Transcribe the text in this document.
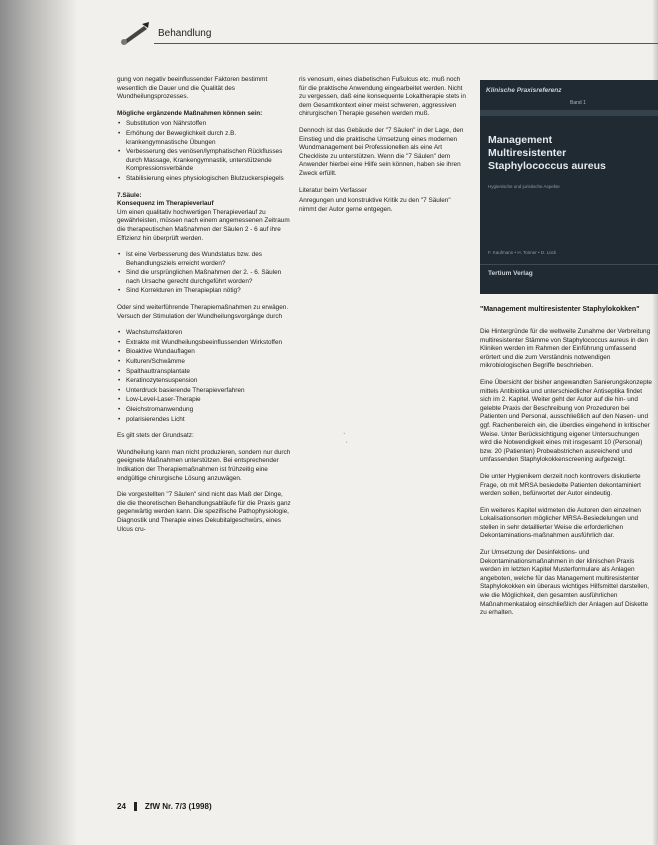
Behandlung

gung von negativ beeinflussender Faktoren bestimmt wesentlich die Dauer und die Qualität des Wundheilungsprozesses.

Mögliche ergänzende Maßnahmen können sein:
• Substitution von Nährstoffen
• Erhöhung der Beweglichkeit durch z.B. krankengymnastische Übungen
• Verbesserung des venösen/lymphatischen Rückflusses durch Massage, Krankengymnastik, unterstützende Kompressionsverbände
• Stabilisierung eines physiologischen Blutzuckerspiegels
7.Säule:
Konsequenz im Therapieverlauf

Um einen qualitativ hochwertigen Therapieverlauf zu gewährleisten, müssen nach einem angemessenen Zeitraum die therapeutischen Maßnahmen der Säulen 2 - 6 auf ihre Effizienz hin überprüft werden.

• Ist eine Verbesserung des Wundstatus bzw. des Behandlungsziels erreicht worden?
• Sind die ursprünglichen Maßnahmen der 2. - 6. Säulen nach Ursache gerecht durchgeführt worden?
• Sind Korrekturen im Therapieplan nötig?

Oder sind weiterführende Therapiemaßnahmen zu erwägen. Versuch der Stimulation der Wundheilungsvorgänge durch

• Wachstumsfaktoren
• Extrakte mit Wundheilungsbeeinflussenden Wirkstoffen
• Bioaktive Wundauflagen
• Kulturen/Schwämme
• Spalthauttransplantate
• Keratinozytensuspension
• Unterdruck basierende Therapieverfahren
• Low-Level-Laser-Therapie
• Gleichstromanwendung
• polarisierendes Licht

Es gilt stets der Grundsatz:

Wundheilung kann man nicht produzieren, sondern nur durch geeignete Maßnahmen unterstützen. Bei entsprechender Indikation der Therapiemaßnahmen ist frühzeitig eine endgültige chirurgische Lösung anzuwägen.

Die vorgestellten "7 Säulen" sind nicht das Maß der Dinge, die die theoretischen Behandlungsabläufe für die Praxis ganz gegenwärtig werden kann. Die spezifische Pathophysiologie, Diagnostik und Therapie eines Dekubitalgeschwürs, eines Ulcus cru-

ris venosum, eines diabetischen Fußulcus etc. muß noch für die praktische Anwendung eingearbeitet werden. Nicht zu vergessen, daß eine konsequente Lokaltherapie stets in dem Gesamtkontext einer meist schweren, aggressiven chirurgischen Therapie gesehen werden muß.

Dennoch ist das Gebäude der "7 Säulen" in der Lage, den Einstieg und die praktische Umsetzung eines modernen Wundmanagement bei Professionellen als eine Art Checkliste zu unterstützen. Wenn die "7 Säulen" dem Anwender hierbei eine Hilfe sein können, haben sie ihren Zweck erfüllt.

Literatur beim Verfasser

Anregungen und konstruktive Kritik zu den "7 Säulen" nimmt der Autor gerne entgegen.

ˋ
ˊ
Klinische Praxisreferenz
Band 1
Management
Multiresistenter
Staphylococcus aureus
Hygienische und juristische Aspekte
F. Kaufmann • H. Tonner • D. Lück
Tertium Verlag
"Management multiresistenter Staphylokokken"

Die Hintergründe für die weltweite Zunahme der Verbreitung multiresistenter Stämme von Staphylococcus aureus in den Kliniken werden im Rahmen der Einführung umfassend erörtert und die zum Verständnis notwendigen mikrobiologischen Begriffe beschrieben.

Eine Übersicht der bisher angewandten Sanierungskonzepte mittels Antibiotika und unterschiedlicher Antiseptika findet sich im 2. Kapitel. Weiter geht der Autor auf die hin- und gelebte Praxis der Beschreibung von Prozeduren bei Patienten und Personal, ausschließlich auf den Nasen- und ggf. Rachenbereich ein, die überdies eingehend in kritischer Weise. Unter Berücksichtigung eigener Untersuchungen wird die Notwendigkeit eines mit insgesamt 10 (Personal) bzw. 20 (Patienten) Probeabstrichen ausreichend und umfassenden Staphylokokkenscreening aufgezeigt.

Die unter Hygienikern derzeit noch kontrovers diskutierte Frage, ob mit MRSA besiedelte Patienten dekontaminiert werden sollen, befürwortet der Autor eindeutig.

Ein weiteres Kapitel widmeten die Autoren den einzelnen Lokalisationsorten möglicher MRSA-Besiedelungen und stellen in sehr detaillierter Weise die erforderlichen Dekontaminations-maßnahmen ausführlich dar.

Zur Umsetzung der Desinfektions- und Dekontaminationsmaßnahmen in der klinischen Praxis werden im letzten Kapitel Musterformulare als Anlagen angeboten, welche für das Management multiresistenter Staphylokokken ein überaus wichtiges Hilfsmittel darstellen, wie die Möglichkeit, den gesamten ausführlichen Maßnahmenkatalog einschließlich der Anlagen auf Diskette zu erhalten.

24 ZfW Nr. 7/3 (1998)
